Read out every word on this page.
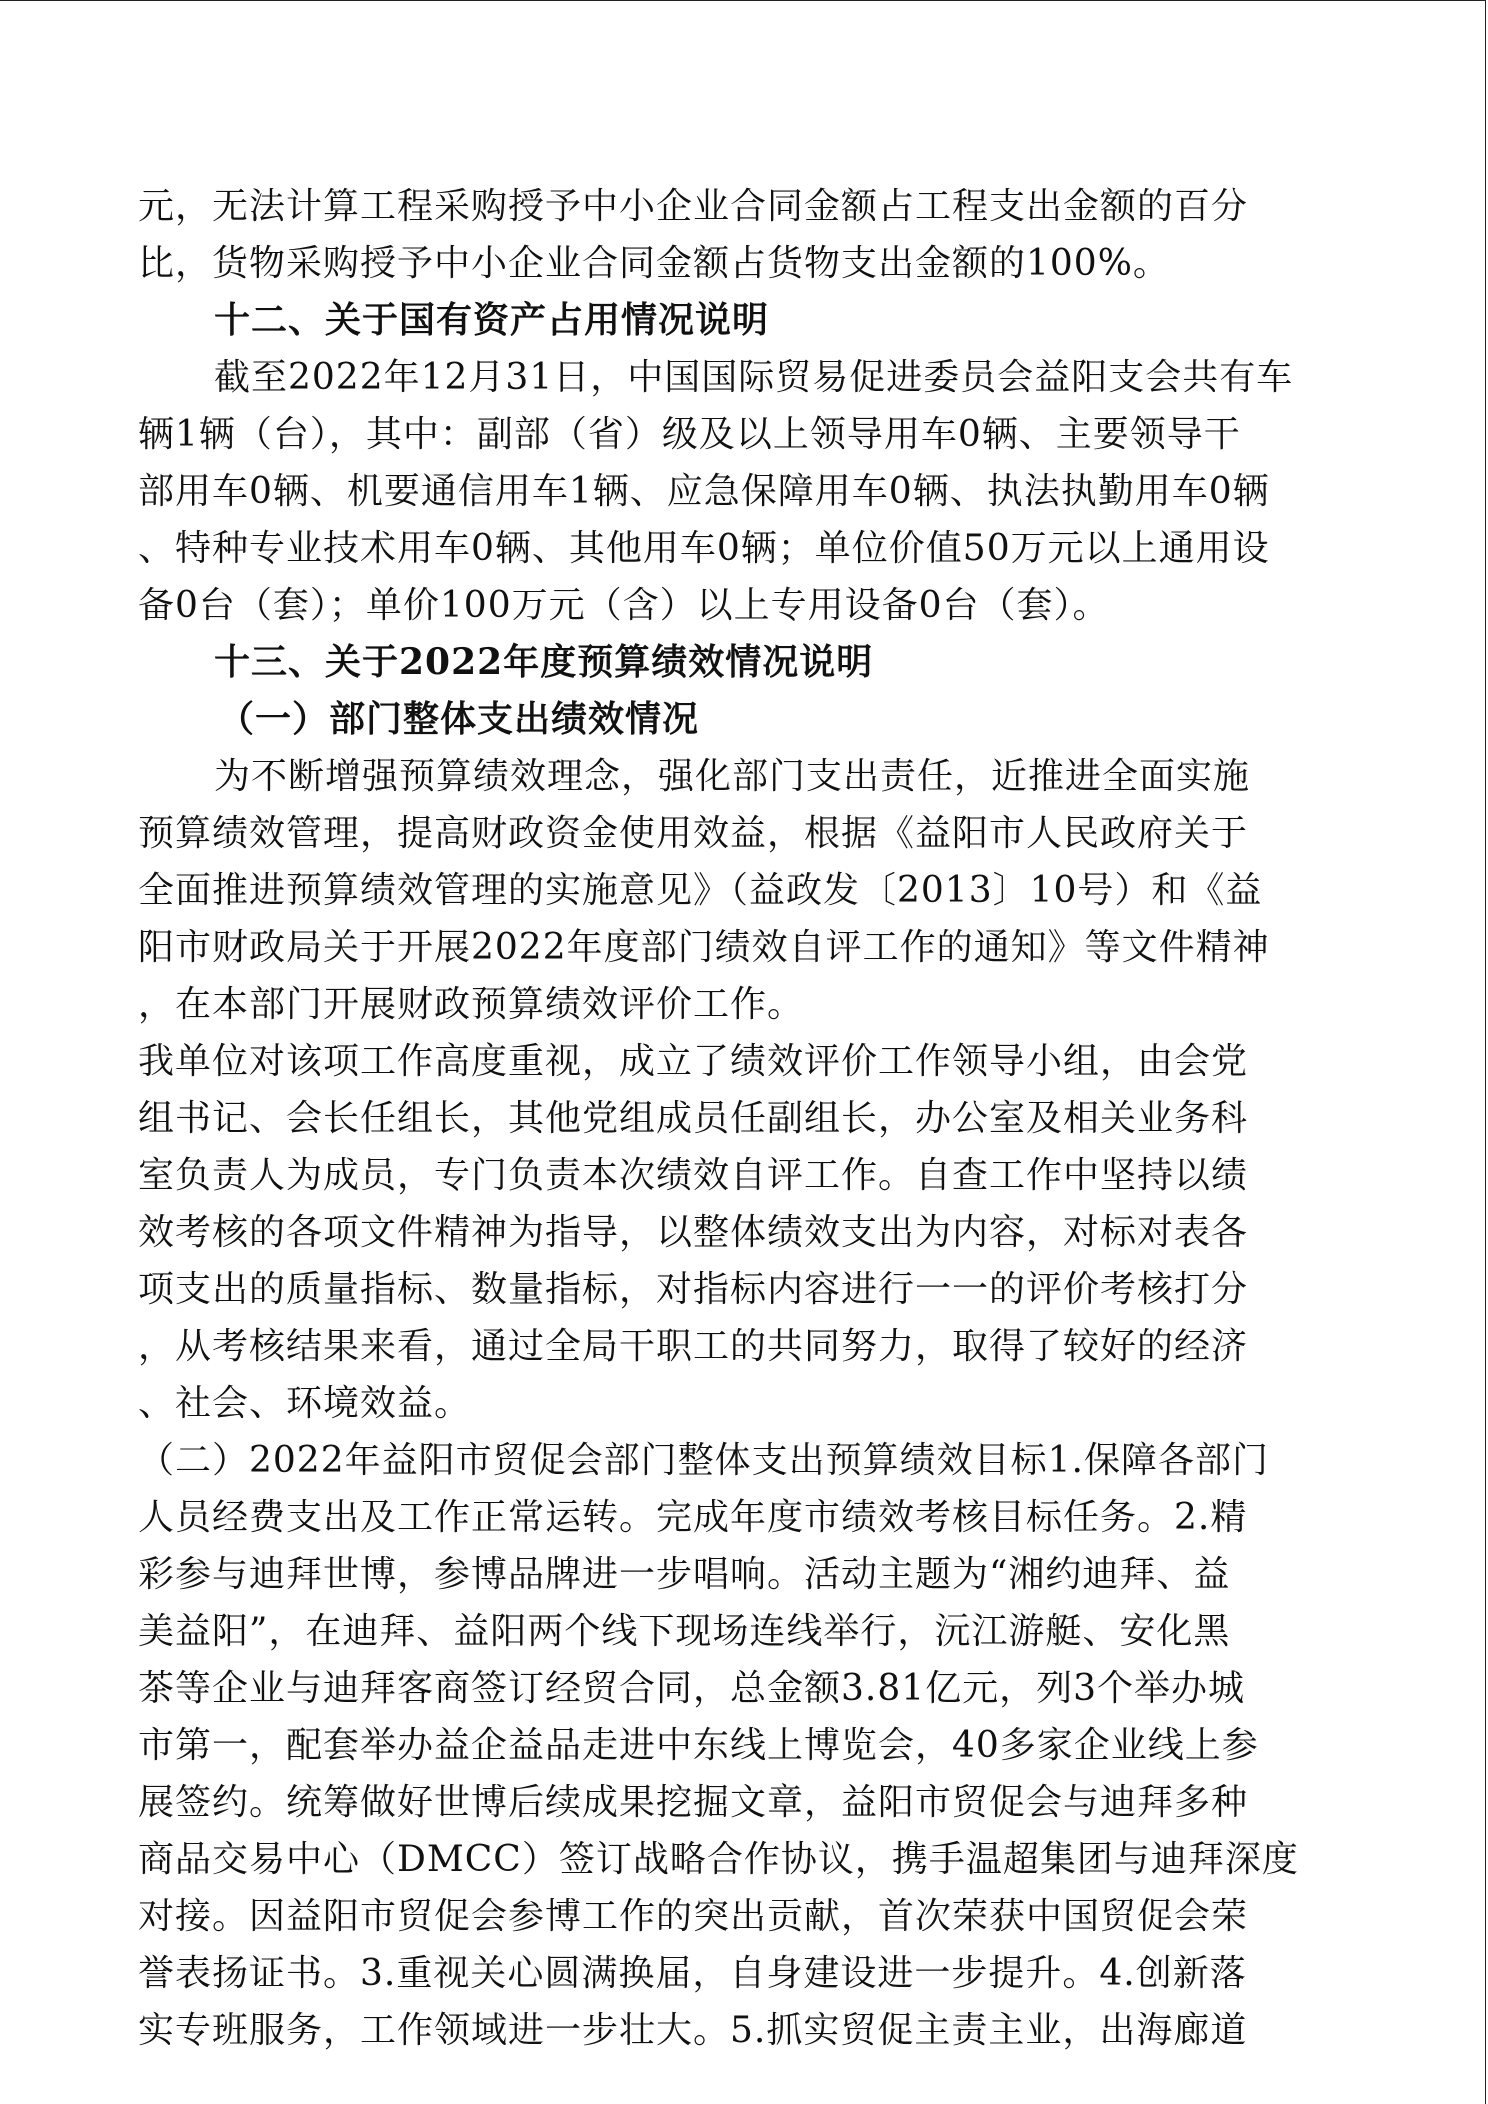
元，无法计算工程采购授予中小企业合同金额占工程支出金额的百分
比，货物采购授予中小企业合同金额占货物支出金额的100%。
十二、关于国有资产占用情况说明
截至2022年12月31日，中国国际贸易促进委员会益阳支会共有车
辆1辆（台），其中：副部（省）级及以上领导用车0辆、主要领导干
部用车0辆、机要通信用车1辆、应急保障用车0辆、执法执勤用车0辆
、特种专业技术用车0辆、其他用车0辆；单位价值50万元以上通用设
备0台（套）；单价100万元（含）以上专用设备0台（套）。
十三、关于2022年度预算绩效情况说明
（一）部门整体支出绩效情况
为不断增强预算绩效理念，强化部门支出责任，近推进全面实施
预算绩效管理，提高财政资金使用效益，根据《益阳市人民政府关于
全面推进预算绩效管理的实施意见》（益政发〔2013〕10号）和《益
阳市财政局关于开展2022年度部门绩效自评工作的通知》等文件精神
，在本部门开展财政预算绩效评价工作。
我单位对该项工作高度重视，成立了绩效评价工作领导小组，由会党
组书记、会长任组长，其他党组成员任副组长，办公室及相关业务科
室负责人为成员，专门负责本次绩效自评工作。自查工作中坚持以绩
效考核的各项文件精神为指导，以整体绩效支出为内容，对标对表各
项支出的质量指标、数量指标，对指标内容进行一一的评价考核打分
，从考核结果来看，通过全局干职工的共同努力，取得了较好的经济
、社会、环境效益。
（二）2022年益阳市贸促会部门整体支出预算绩效目标1.保障各部门
人员经费支出及工作正常运转。完成年度市绩效考核目标任务。2.精
彩参与迪拜世博，参博品牌进一步唱响。活动主题为“湘约迪拜、益
美益阳”，在迪拜、益阳两个线下现场连线举行，沅江游艇、安化黑
茶等企业与迪拜客商签订经贸合同，总金额3.81亿元，列3个举办城
市第一，配套举办益企益品走进中东线上博览会，40多家企业线上参
展签约。统筹做好世博后续成果挖掘文章，益阳市贸促会与迪拜多种
商品交易中心（DMCC）签订战略合作协议，携手温超集团与迪拜深度
对接。因益阳市贸促会参博工作的突出贡献，首次荣获中国贸促会荣
誉表扬证书。3.重视关心圆满换届，自身建设进一步提升。4.创新落
实专班服务，工作领域进一步壮大。5.抓实贸促主责主业，出海廊道
